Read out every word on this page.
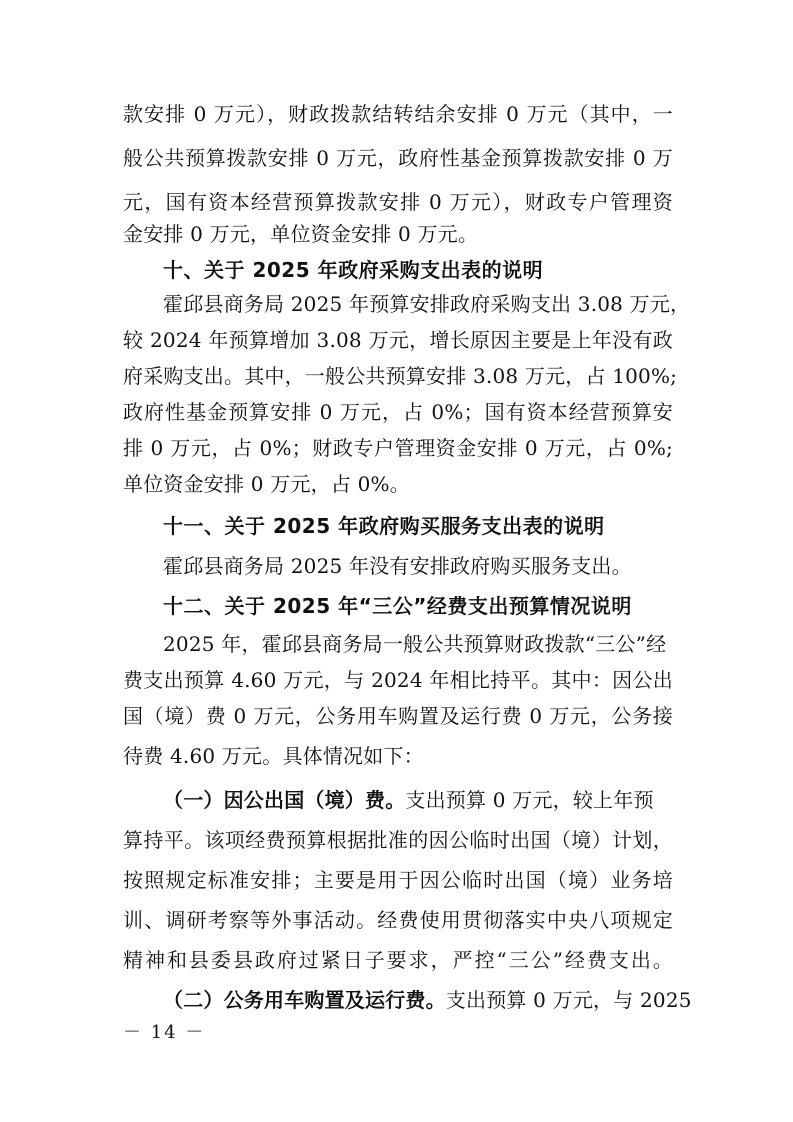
款安排 0 万元），财政拨款结转结余安排 0 万元（其中，一
般公共预算拨款安排 0 万元，政府性基金预算拨款安排 0 万
元，国有资本经营预算拨款安排 0 万元），财政专户管理资
金安排 0 万元，单位资金安排 0 万元。
十、关于 2025 年政府采购支出表的说明
霍邱县商务局 2025 年预算安排政府采购支出 3.08 万元，
较 2024 年预算增加 3.08 万元，增长原因主要是上年没有政
府采购支出。其中，一般公共预算安排 3.08 万元，占 100%;
政府性基金预算安排 0 万元，占 0%；国有资本经营预算安
排 0 万元，占 0%；财政专户管理资金安排 0 万元，占 0%;
单位资金安排 0 万元，占 0%。
十一、关于 2025 年政府购买服务支出表的说明
霍邱县商务局 2025 年没有安排政府购买服务支出。
十二、关于 2025 年“三公”经费支出预算情况说明
2025 年，霍邱县商务局一般公共预算财政拨款“三公”经
费支出预算 4.60 万元，与 2024 年相比持平。其中：因公出
国（境）费 0 万元，公务用车购置及运行费 0 万元，公务接
待费 4.60 万元。具体情况如下：
（一）因公出国（境）费。支出预算 0 万元，较上年预
算持平。该项经费预算根据批准的因公临时出国（境）计划，
按照规定标准安排；主要是用于因公临时出国（境）业务培
训、调研考察等外事活动。经费使用贯彻落实中央八项规定
精神和县委县政府过紧日子要求，严控“三公”经费支出。
（二）公务用车购置及运行费。支出预算 0 万元，与 2025
－ 14 －
